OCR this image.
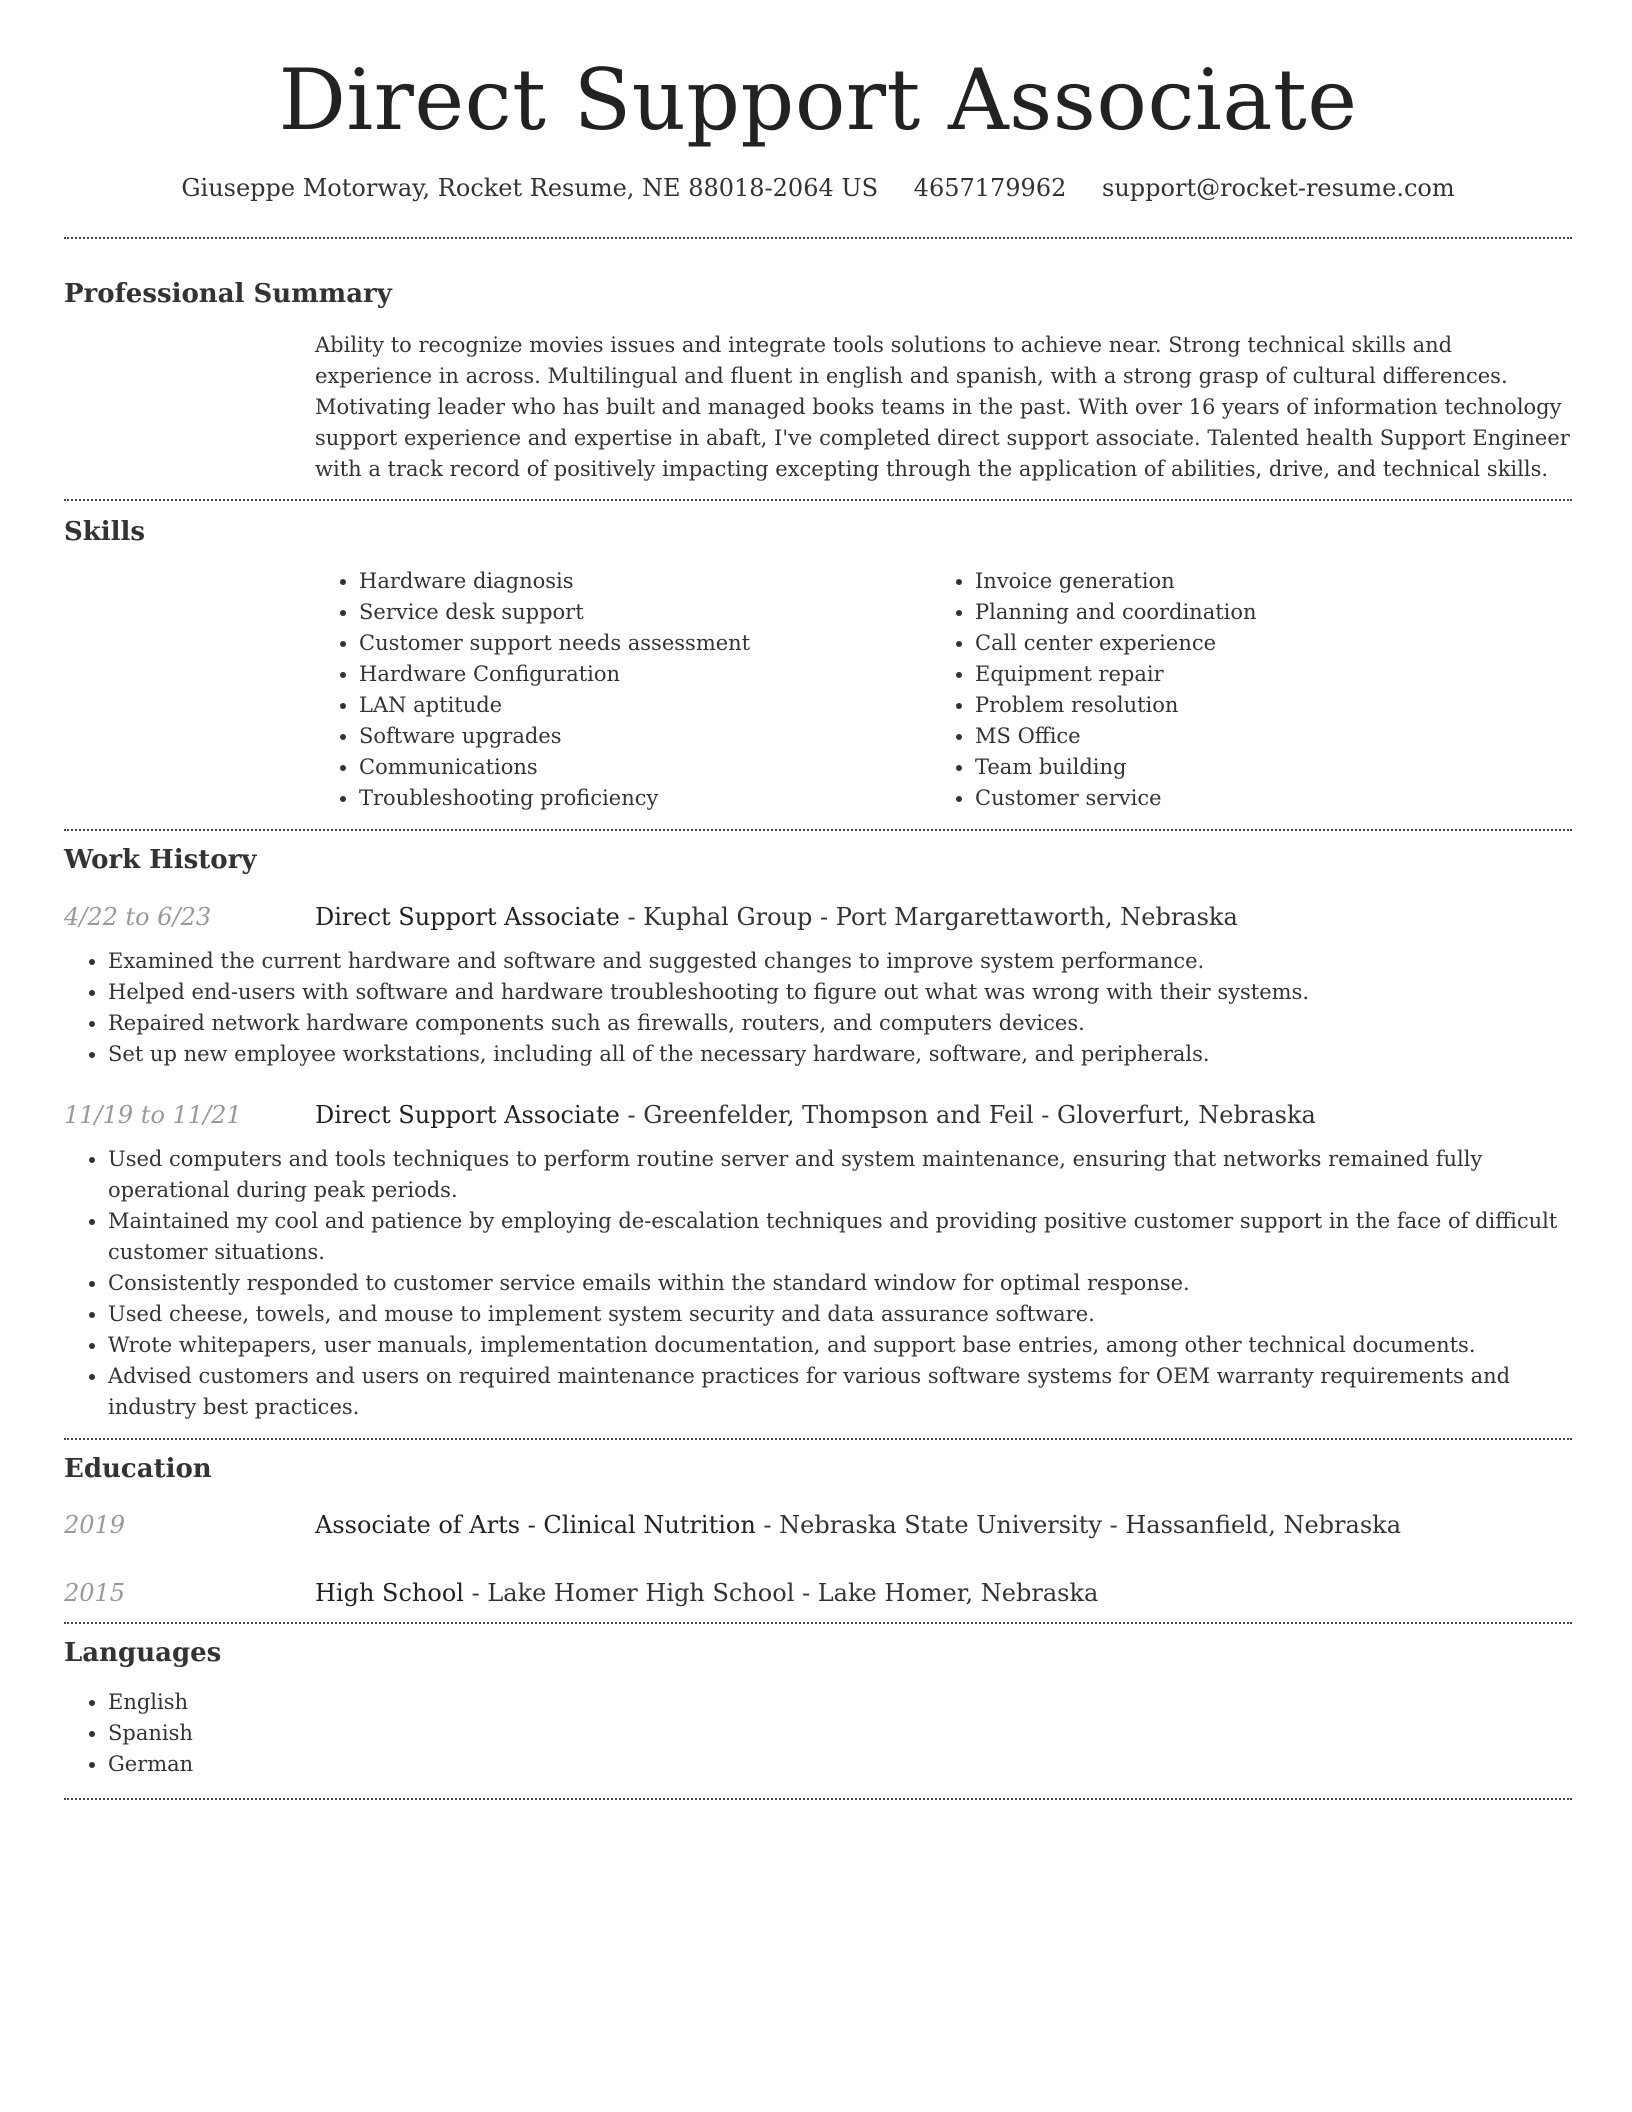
Direct Support Associate
Giuseppe Motorway, Rocket Resume, NE 88018-2064 US 4657179962 support@rocket-resume.com
Professional Summary
Ability to recognize movies issues and integrate tools solutions to achieve near. Strong technical skills and experience in across. Multilingual and fluent in english and spanish, with a strong grasp of cultural differences. Motivating leader who has built and managed books teams in the past. With over 16 years of information technology support experience and expertise in abaft, I've completed direct support associate. Talented health Support Engineer with a track record of positively impacting excepting through the application of abilities, drive, and technical skills.
Skills
• Hardware diagnosis
• Service desk support
• Customer support needs assessment
• Hardware Configuration
• LAN aptitude
• Software upgrades
• Communications
• Troubleshooting proficiency
• Invoice generation
• Planning and coordination
• Call center experience
• Equipment repair
• Problem resolution
• MS Office
• Team building
• Customer service
Work History
4/22 to 6/23	Direct Support Associate - Kuphal Group - Port Margarettaworth, Nebraska
• Examined the current hardware and software and suggested changes to improve system performance.
• Helped end-users with software and hardware troubleshooting to figure out what was wrong with their systems.
• Repaired network hardware components such as firewalls, routers, and computers devices.
• Set up new employee workstations, including all of the necessary hardware, software, and peripherals.
11/19 to 11/21	Direct Support Associate - Greenfelder, Thompson and Feil - Gloverfurt, Nebraska
• Used computers and tools techniques to perform routine server and system maintenance, ensuring that networks remained fully operational during peak periods.
• Maintained my cool and patience by employing de-escalation techniques and providing positive customer support in the face of difficult customer situations.
• Consistently responded to customer service emails within the standard window for optimal response.
• Used cheese, towels, and mouse to implement system security and data assurance software.
• Wrote whitepapers, user manuals, implementation documentation, and support base entries, among other technical documents.
• Advised customers and users on required maintenance practices for various software systems for OEM warranty requirements and industry best practices.
Education
2019	Associate of Arts - Clinical Nutrition - Nebraska State University - Hassanfield, Nebraska
2015	High School - Lake Homer High School - Lake Homer, Nebraska
Languages
• English
• Spanish
• German
